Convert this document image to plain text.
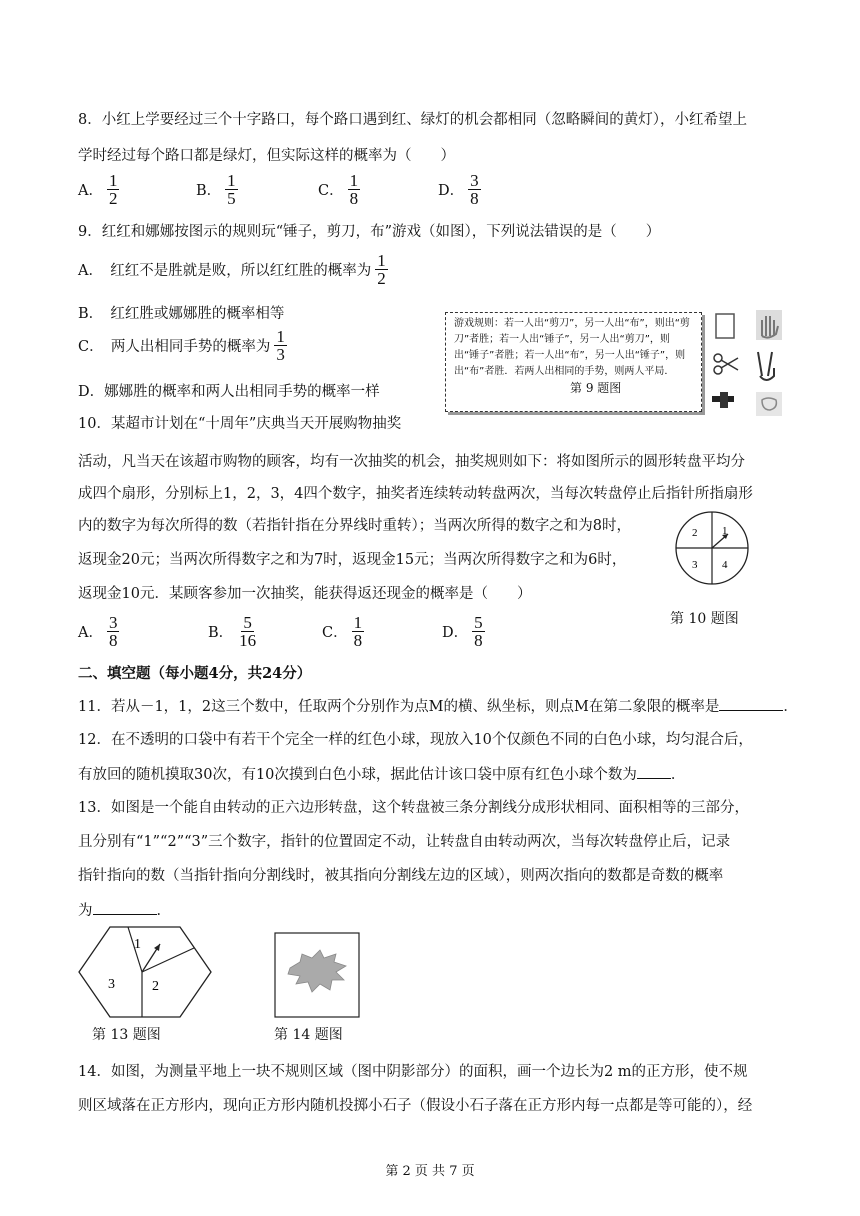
8．小红上学要经过三个十字路口，每个路口遇到红、绿灯的机会都相同（忽略瞬间的黄灯），小红希望上
学时经过每个路口都是绿灯，但实际这样的概率为（　　）
A． $\frac{1}{2}$	B． $\frac{1}{5}$	C． $\frac{1}{8}$	D． $\frac{3}{8}$
9．红红和娜娜按图示的规则玩“锤子，剪刀，布”游戏（如图），下列说法错误的是（　　）
A．　红红不是胜就是败，所以红红胜的概率为 $\frac{1}{2}$
B．　红红胜或娜娜胜的概率相等
C．　两人出相同手势的概率为 $\frac{1}{3}$
D．娜娜胜的概率和两人出相同手势的概率一样
游戏规则：若一人出“剪刀”，另一人出“布”，则出“剪刀”者胜；若一人出“锤子”，另一人出“剪刀”，则出“锤子”者胜；若一人出“布”，另一人出“锤子”，则出“布”者胜．若两人出相同的手势，则两人平局．
第 9 题图
10．某超市计划在“十周年”庆典当天开展购物抽奖
活动，凡当天在该超市购物的顾客，均有一次抽奖的机会，抽奖规则如下：将如图所示的圆形转盘平均分
成四个扇形，分别标上1，2，3，4四个数字，抽奖者连续转动转盘两次，当每次转盘停止后指针所指扇形
内的数字为每次所得的数（若指针指在分界线时重转）；当两次所得的数字之和为8时，
返现金20元；当两次所得数字之和为7时，返现金15元；当两次所得数字之和为6时，
返现金10元．某顾客参加一次抽奖，能获得返还现金的概率是（　　）
1
2
3 4
第 10 题图
A． $\frac{3}{8}$	B． $\frac{5}{16}$	C． $\frac{1}{8}$	D． $\frac{5}{8}$
二、填空题（每小题4分，共24分）
11．若从－1，1，2这三个数中，任取两个分别作为点M的横、纵坐标，则点M在第二象限的概率是	．
12．在不透明的口袋中有若干个完全一样的红色小球，现放入10个仅颜色不同的白色小球，均匀混合后，
有放回的随机摸取30次，有10次摸到白色小球，据此估计该口袋中原有红色小球个数为 ．
13．如图是一个能自由转动的正六边形转盘，这个转盘被三条分割线分成形状相同、面积相等的三部分，
且分别有“1”“2”“3”三个数字，指针的位置固定不动，让转盘自由转动两次，当每次转盘停止后，记录
指针指向的数（当指针指向分割线时，被其指向分割线左边的区域），则两次指向的数都是奇数的概率
为	．
1
2
3
第 13 题图	第 14 题图
14．如图，为测量平地上一块不规则区域（图中阴影部分）的面积，画一个边长为2 m的正方形，使不规
则区域落在正方形内，现向正方形内随机投掷小石子（假设小石子落在正方形内每一点都是等可能的），经
第 2 页 共 7 页
